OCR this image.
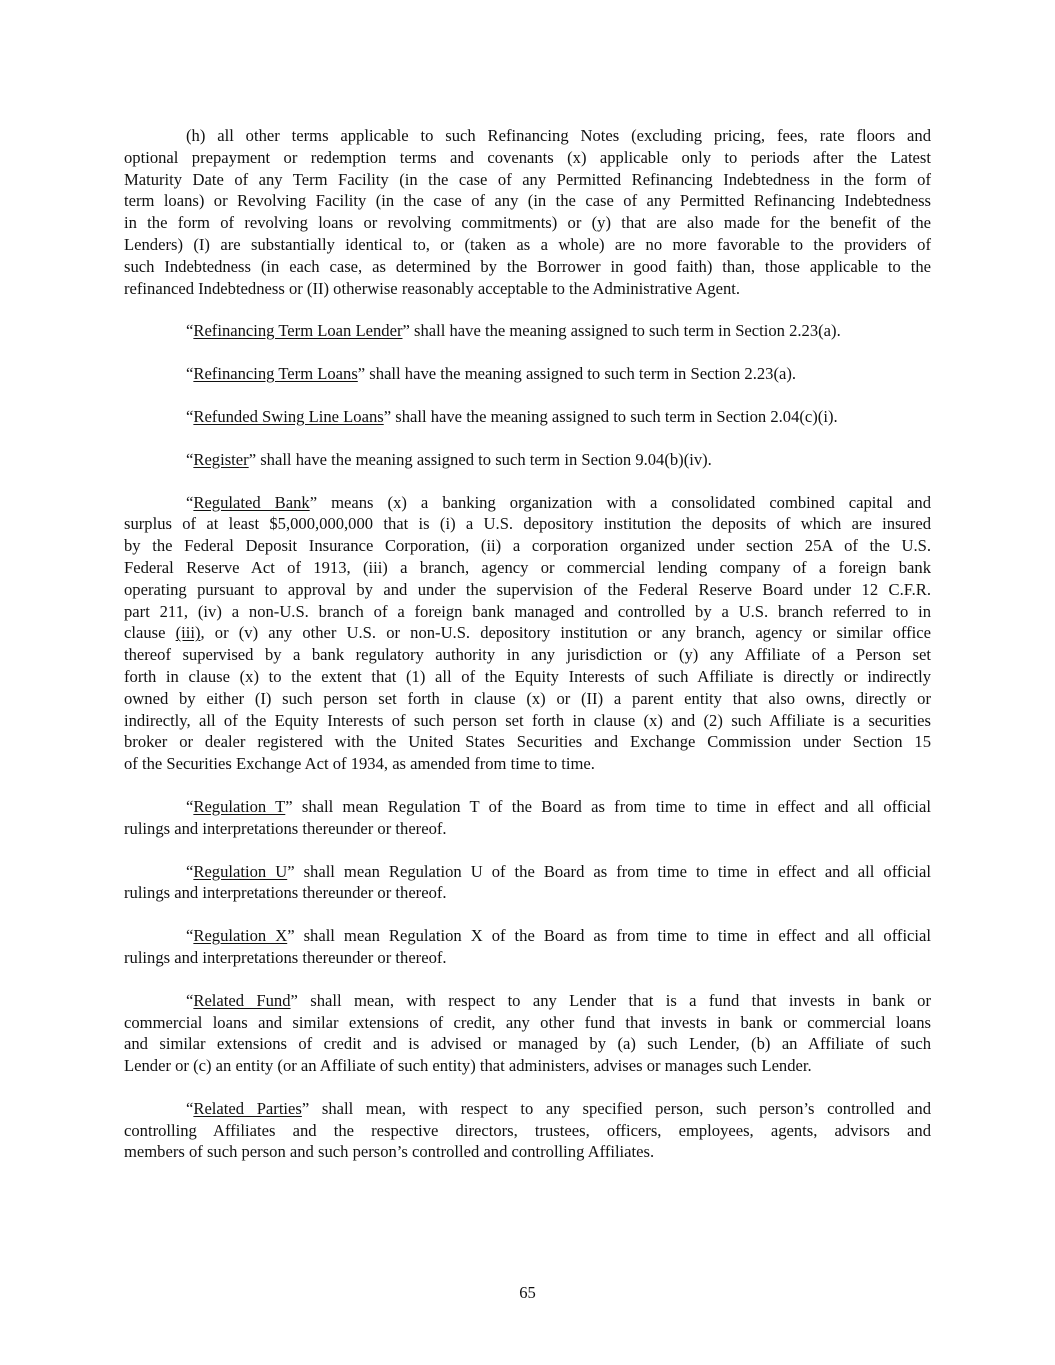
(h) all other terms applicable to such Refinancing Notes (excluding pricing, fees, rate floors and
optional prepayment or redemption terms and covenants (x) applicable only to periods after the Latest
Maturity Date of any Term Facility (in the case of any Permitted Refinancing Indebtedness in the form of
term loans) or Revolving Facility (in the case of any (in the case of any Permitted Refinancing Indebtedness
in the form of revolving loans or revolving commitments) or (y) that are also made for the benefit of the
Lenders) (I) are substantially identical to, or (taken as a whole) are no more favorable to the providers of
such Indebtedness (in each case, as determined by the Borrower in good faith) than, those applicable to the
refinanced Indebtedness or (II) otherwise reasonably acceptable to the Administrative Agent.
“Refinancing Term Loan Lender” shall have the meaning assigned to such term in Section 2.23(a).
“Refinancing Term Loans” shall have the meaning assigned to such term in Section 2.23(a).
“Refunded Swing Line Loans” shall have the meaning assigned to such term in Section 2.04(c)(i).
“Register” shall have the meaning assigned to such term in Section 9.04(b)(iv).
“Regulated Bank” means (x) a banking organization with a consolidated combined capital and
surplus of at least $5,000,000,000 that is (i) a U.S. depository institution the deposits of which are insured
by the Federal Deposit Insurance Corporation, (ii) a corporation organized under section 25A of the U.S.
Federal Reserve Act of 1913, (iii) a branch, agency or commercial lending company of a foreign bank
operating pursuant to approval by and under the supervision of the Federal Reserve Board under 12 C.F.R.
part 211, (iv) a non-U.S. branch of a foreign bank managed and controlled by a U.S. branch referred to in
clause (iii), or (v) any other U.S. or non-U.S. depository institution or any branch, agency or similar office
thereof supervised by a bank regulatory authority in any jurisdiction or (y) any Affiliate of a Person set
forth in clause (x) to the extent that (1) all of the Equity Interests of such Affiliate is directly or indirectly
owned by either (I) such person set forth in clause (x) or (II) a parent entity that also owns, directly or
indirectly, all of the Equity Interests of such person set forth in clause (x) and (2) such Affiliate is a securities
broker or dealer registered with the United States Securities and Exchange Commission under Section 15
of the Securities Exchange Act of 1934, as amended from time to time.
“Regulation T” shall mean Regulation T of the Board as from time to time in effect and all official
rulings and interpretations thereunder or thereof.
“Regulation U” shall mean Regulation U of the Board as from time to time in effect and all official
rulings and interpretations thereunder or thereof.
“Regulation X” shall mean Regulation X of the Board as from time to time in effect and all official
rulings and interpretations thereunder or thereof.
“Related Fund” shall mean, with respect to any Lender that is a fund that invests in bank or
commercial loans and similar extensions of credit, any other fund that invests in bank or commercial loans
and similar extensions of credit and is advised or managed by (a) such Lender, (b) an Affiliate of such
Lender or (c) an entity (or an Affiliate of such entity) that administers, advises or manages such Lender.
“Related Parties” shall mean, with respect to any specified person, such person’s controlled and
controlling Affiliates and the respective directors, trustees, officers, employees, agents, advisors and
members of such person and such person’s controlled and controlling Affiliates.
65
